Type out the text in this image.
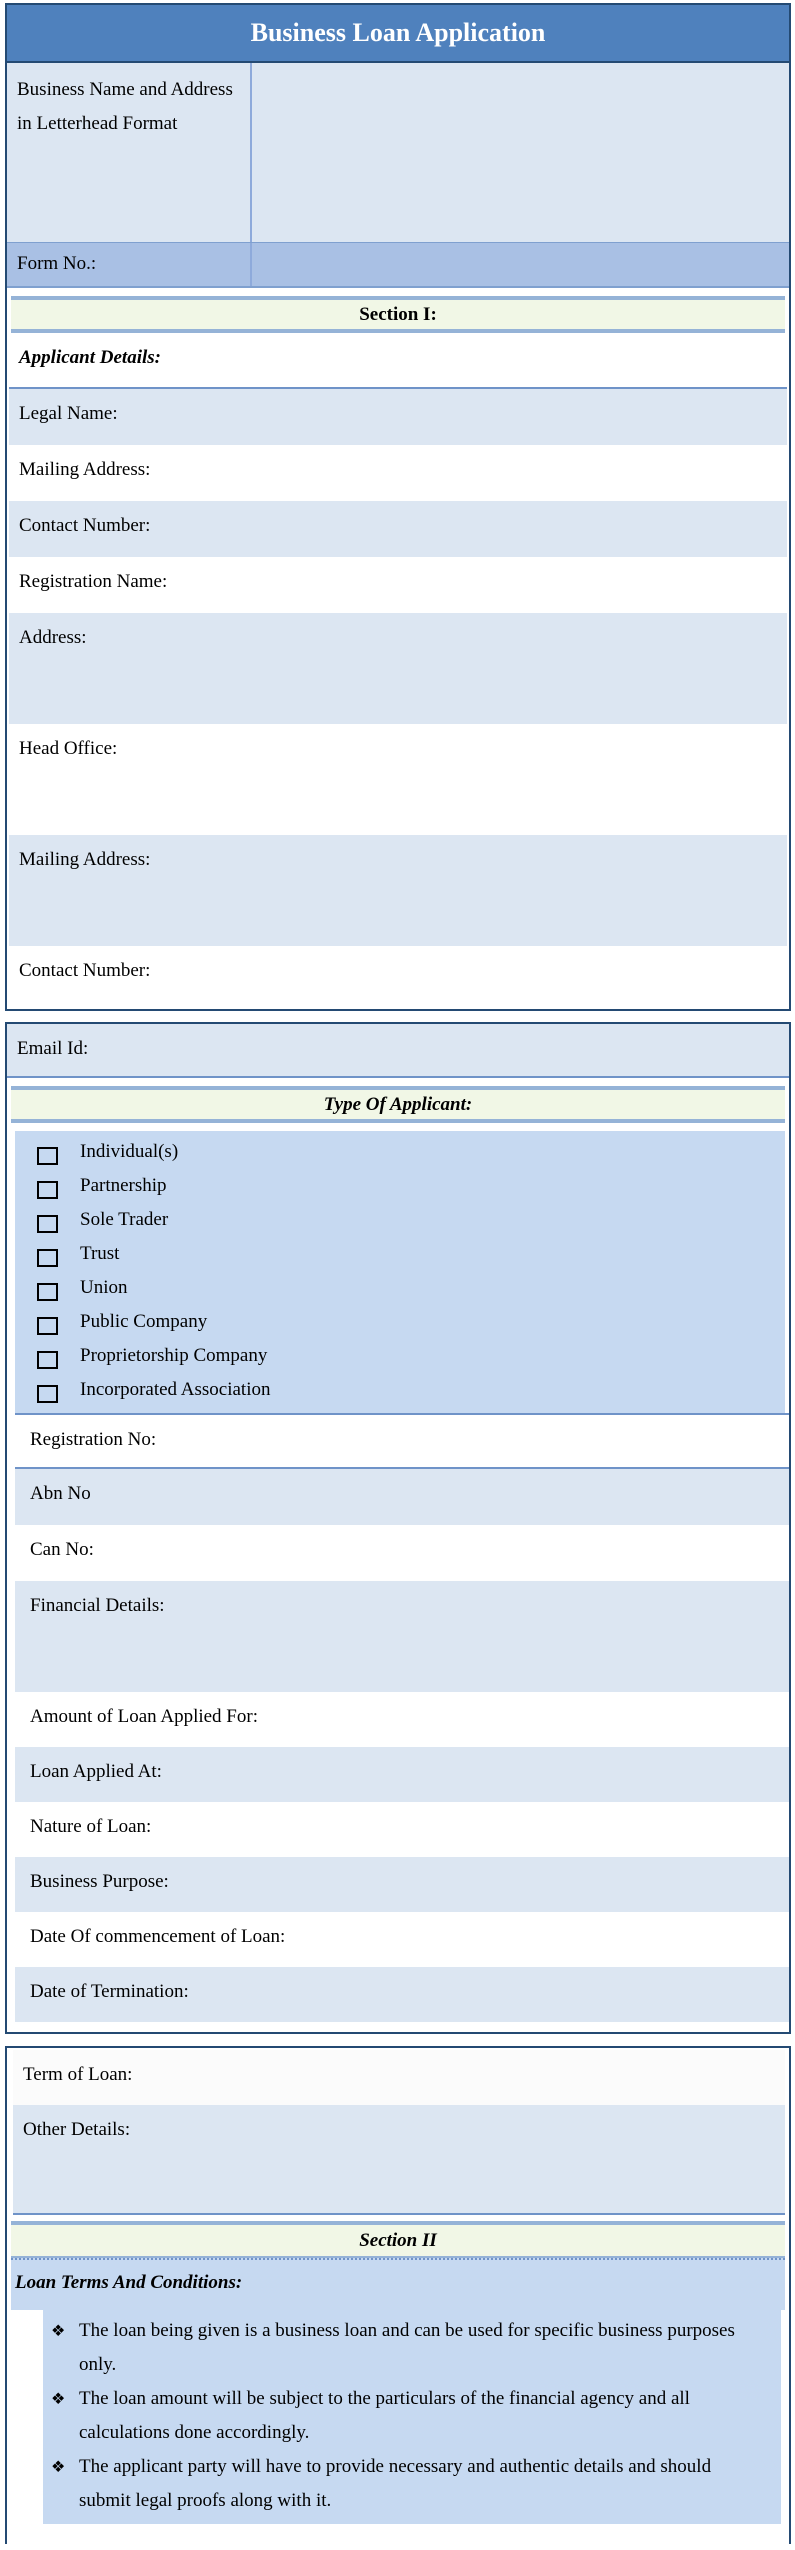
Business Loan Application
Business Name and Address in Letterhead Format
Form No.:
Section I:
Applicant Details:
Legal Name:
Mailing Address:
Contact Number:
Registration Name:
Address:
Head Office:
Mailing Address:
Contact Number:
Email Id:
Type Of Applicant:
Individual(s)
Partnership
Sole Trader
Trust
Union
Public Company
Proprietorship Company
Incorporated Association
Registration No:
Abn No
Can No:
Financial Details:
Amount of Loan Applied For:
Loan Applied At:
Nature of Loan:
Business Purpose:
Date Of commencement of Loan:
Date of Termination:
Term of Loan:
Other Details:
Section II
Loan Terms And Conditions:
❖ The loan being given is a business loan and can be used for specific business purposes only.
❖ The loan amount will be subject to the particulars of the financial agency and all calculations done accordingly.
❖ The applicant party will have to provide necessary and authentic details and should submit legal proofs along with it.
